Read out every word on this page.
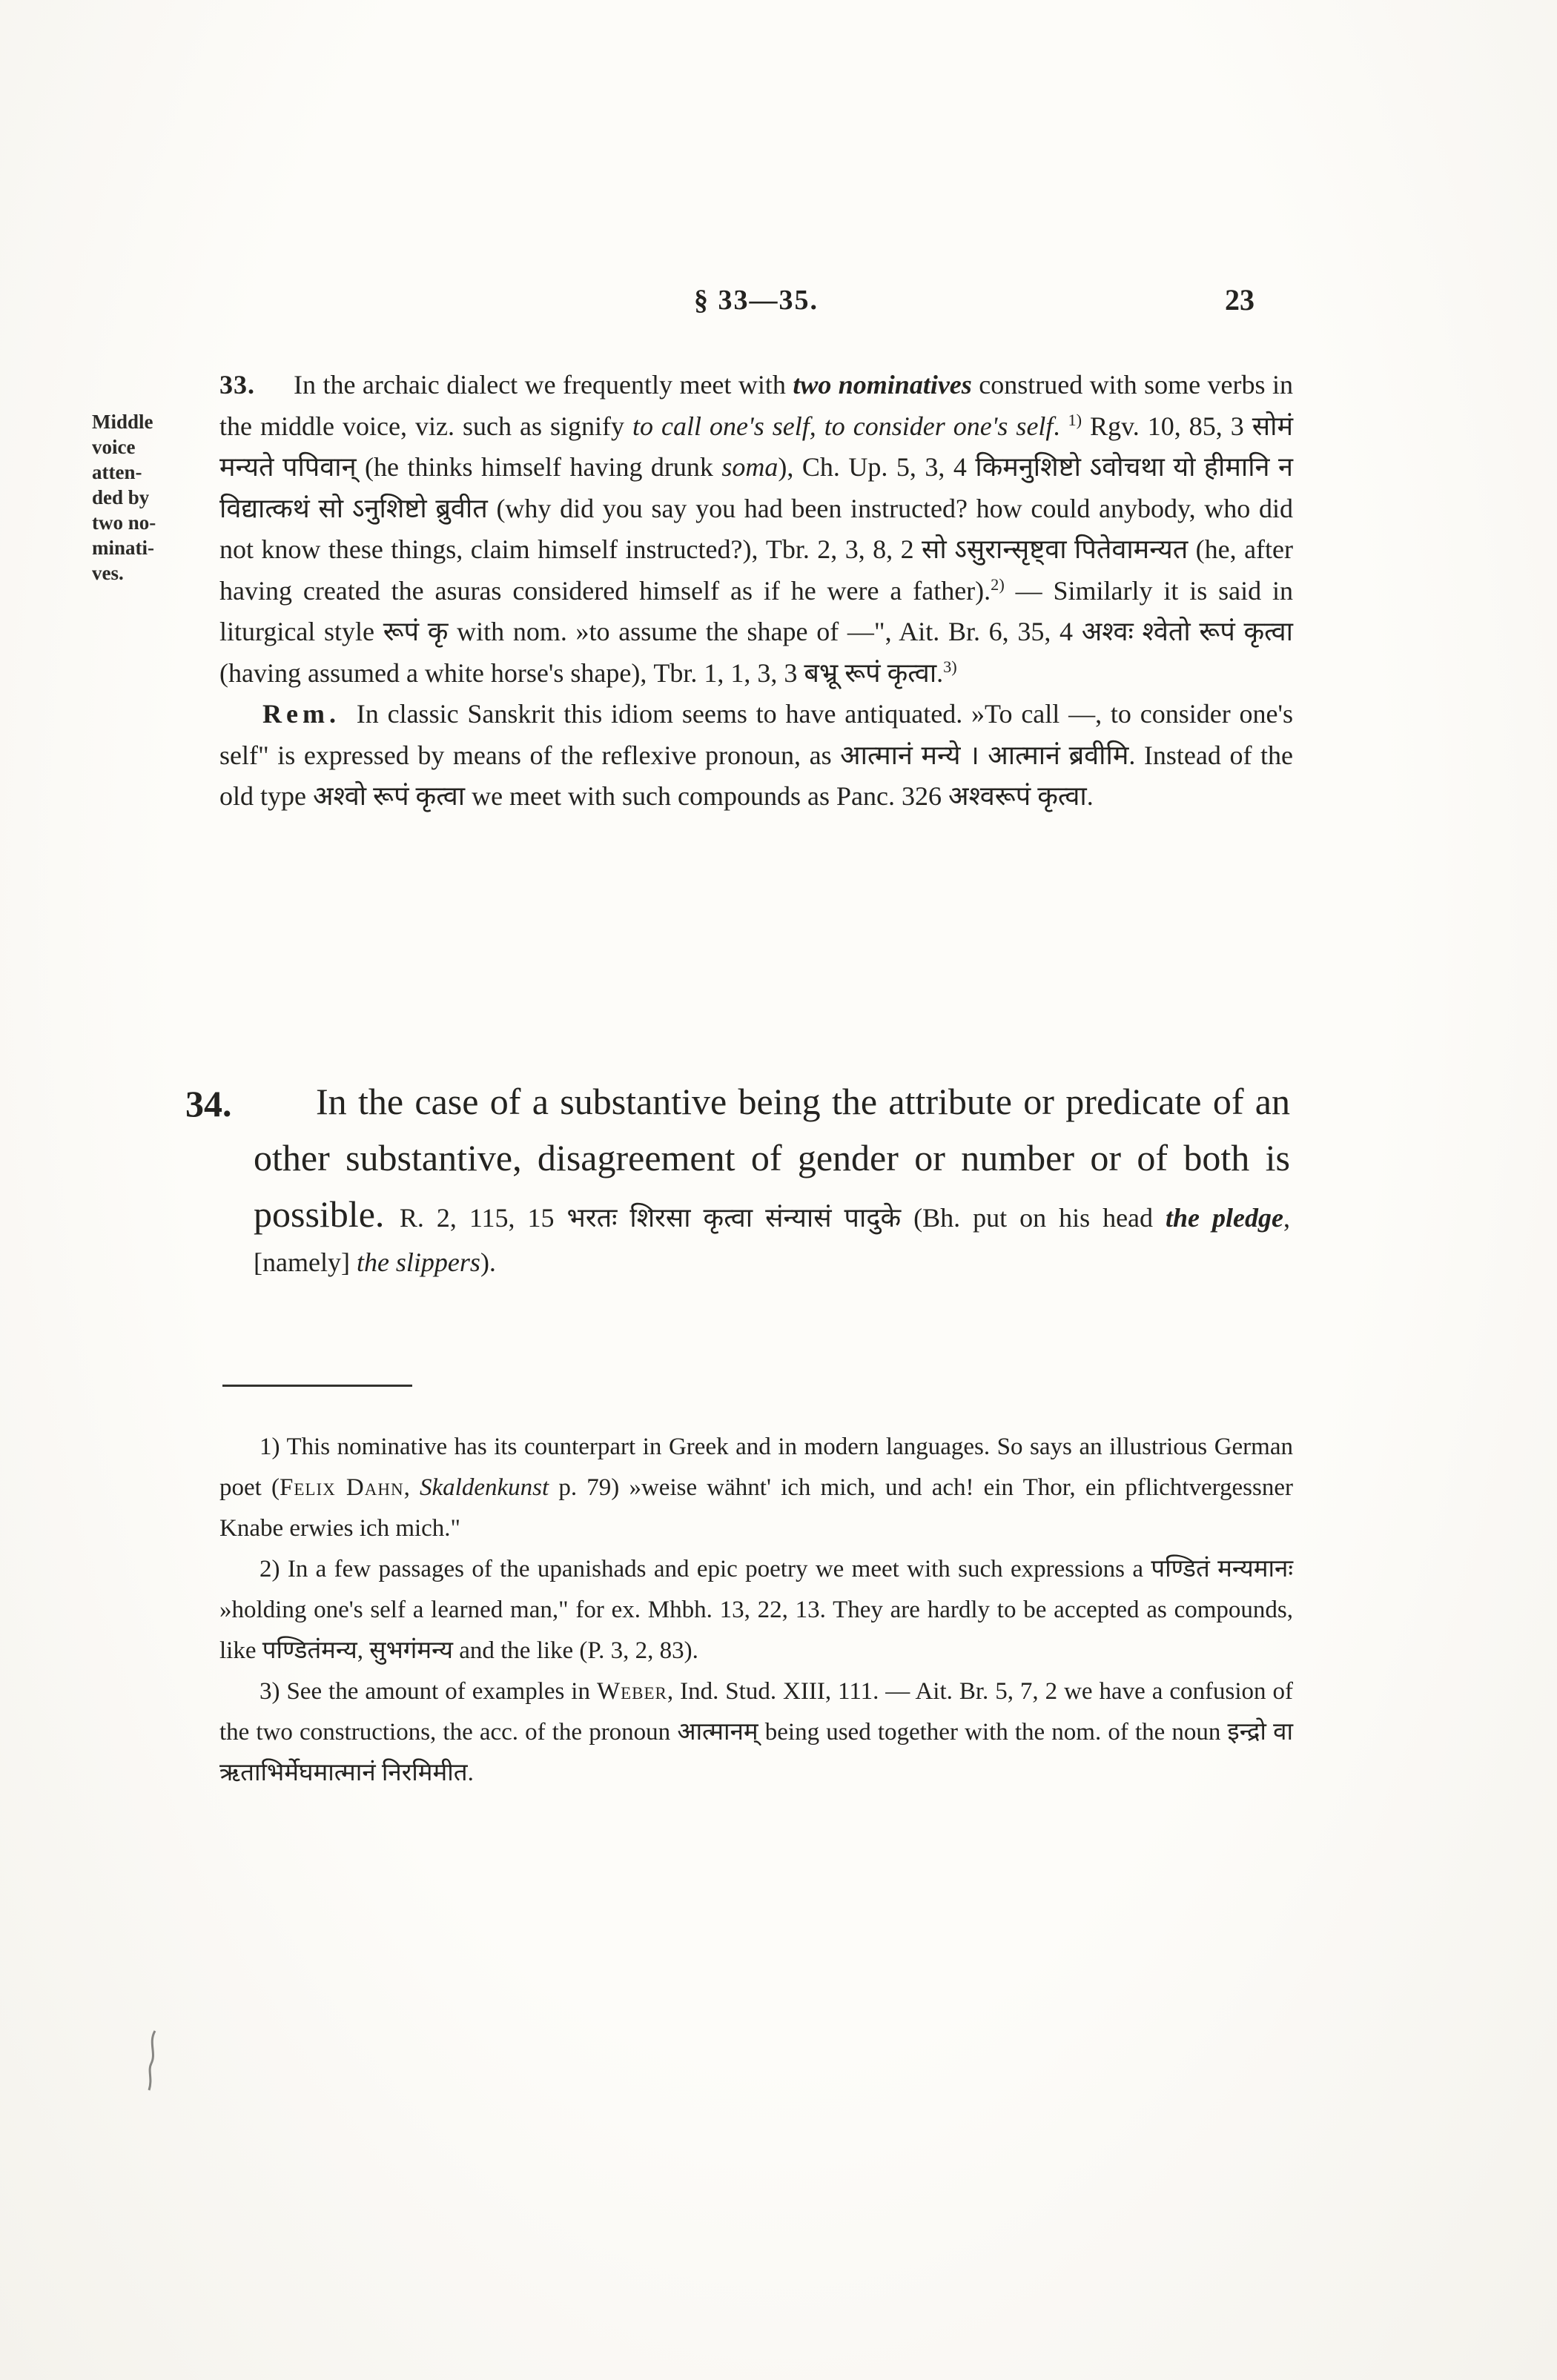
§ 33—35.	23
Middle
voice
atten-
ded by
two no-
minati-
ves.

33. In the archaic dialect we frequently meet with two nominatives construed with some verbs in the middle voice, viz. such as signify to call one's self, to consider one's self. $^{1)}$ Rgv. 10, 85, 3 सोमं मन्यते पपिवान् (he thinks himself having drunk soma), Ch. Up. 5, 3, 4 किमनुशिष्टो ऽवोचथा यो हीमानि न विद्यात्कथं सो ऽनुशिष्टो ब्रुवीत (why did you say you had been instructed? how could anybody, who did not know these things, claim himself instructed?), Tbr. 2, 3, 8, 2 सो ऽसुरान्सृष्ट्वा पितेवामन्यत (he, after having created the asuras considered himself as if he were a father).$^{2)}$ — Similarly it is said in liturgical style रूपं कृ with nom. »to assume the shape of —", Ait. Br. 6, 35, 4 अश्वः श्वेतो रूपं कृत्वा (having assumed a white horse's shape), Tbr. 1, 1, 3, 3 बभ्रू रूपं कृत्वा.$^{3)}$

Rem. In classic Sanskrit this idiom seems to have antiquated. »To call —, to consider one's self" is expressed by means of the reflexive pronoun, as आत्मानं मन्ये । आत्मानं ब्रवीमि. Instead of the old type अश्वो रूपं कृत्वा we meet with such compounds as Panc. 326 अश्वरूपं कृत्वा.

34.	In the case of a substantive being the attribute or predicate of an other substantive, disagreement of gender or number or of both is possible. R. 2, 115, 15 भरतः शिरसा कृत्वा संन्यासं पादुके (Bh. put on his head the pledge, [namely] the slippers).

1) This nominative has its counterpart in Greek and in modern languages. So says an illustrious German poet (Felix Dahn, Skaldenkunst p. 79) »weise wähnt' ich mich, und ach! ein Thor, ein pflichtvergessner Knabe erwies ich mich."

2) In a few passages of the upanishads and epic poetry we meet with such expressions a पण्डितं मन्यमानः »holding one's self a learned man," for ex. Mhbh. 13, 22, 13. They are hardly to be accepted as compounds, like पण्डितंमन्य, सुभगंमन्य and the like (P. 3, 2, 83).

3) See the amount of examples in Weber, Ind. Stud. XIII, 111. — Ait. Br. 5, 7, 2 we have a confusion of the two constructions, the acc. of the pronoun आत्मानम् being used together with the nom. of the noun इन्द्रो वा ऋताभिर्मेघमात्मानं निरमिमीत.
